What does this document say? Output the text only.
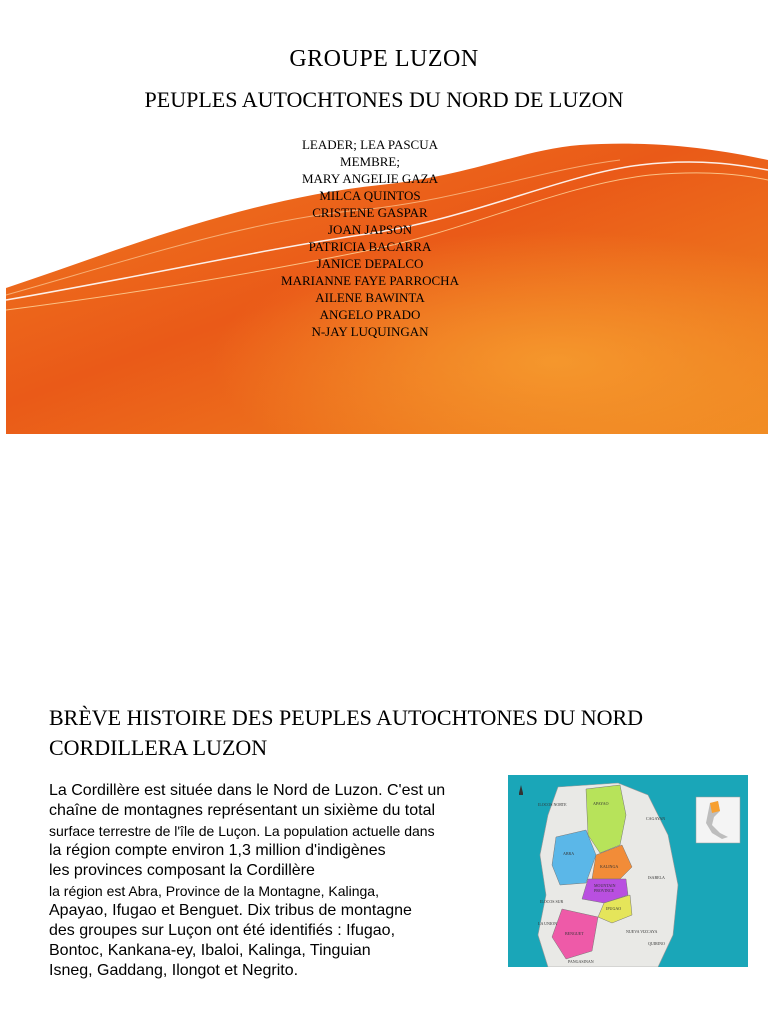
GROUPE LUZON
PEUPLES AUTOCHTONES DU NORD DE LUZON
LEADER; LEA PASCUA
MEMBRE;
MARY ANGELIE GAZA
MILCA QUINTOS
CRISTENE GASPAR
JOAN JAPSON
PATRICIA BACARRA
JANICE DEPALCO
MARIANNE FAYE PARROCHA
AILENE BAWINTA
ANGELO PRADO
N-JAY LUQUINGAN
BRÈVE HISTOIRE DES PEUPLES AUTOCHTONES DU NORD
CORDILLERA LUZON
La Cordillère est située dans le Nord de Luzon. C'est un
chaîne de montagnes représentant un sixième du total
surface terrestre de l'île de Luçon. La population actuelle dans
la région compte environ 1,3 million d'indigènes
les provinces composant la Cordillère
la région est Abra, Province de la Montagne, Kalinga,
Apayao, Ifugao et Benguet. Dix tribus de montagne
des groupes sur Luçon ont été identifiés : Ifugao,
Bontoc, Kankana-ey, Ibaloi, Kalinga, Tinguian
Isneg, Gaddang, Ilongot et Negrito.
ILOCOS NORTE	APAYAO
ABRA
KALINGA
MOUNTAIN
PROVINCE
IFUGAO
BENGUET
ILOCOS SUR
LA UNION
CAGAYAN
ISABELA
NUEVA VIZCAYA
QUIRINO
PANGASINAN
